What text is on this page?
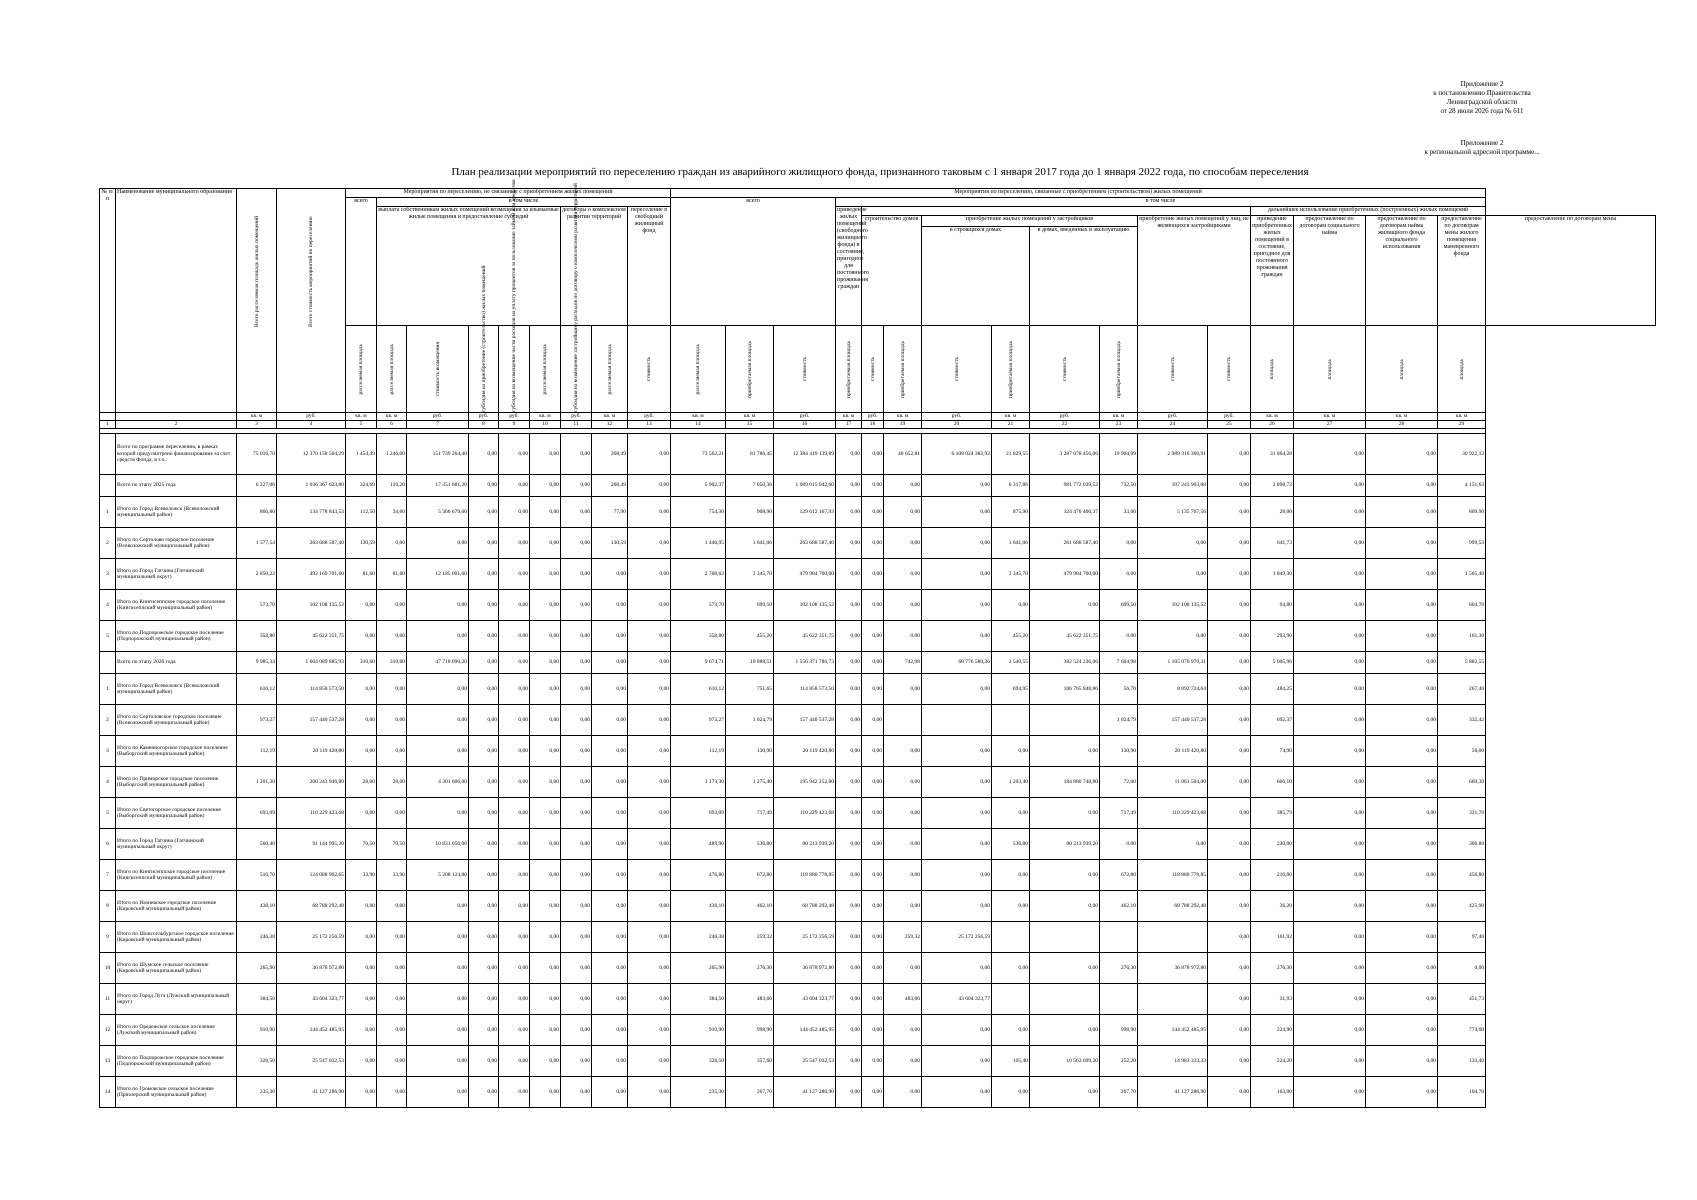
Приложение 2
к постановлению Правительства
Ленинградской области
от 28 июля 2026 года № 611
Приложение 2
к региональной адресной программе...
План реализации мероприятий по переселению граждан из аварийного жилищного фонда, признанного таковым с 1 января 2017 года до 1 января 2022 года, по способам переселения
№ п/п	Наименование муниципального образования	Всего расселяемая площадь жилых помещений	Всего стоимость мероприятий по переселению	Мероприятия по переселению, не связанные с приобретением жилых помещений									Мероприятия по переселению, связанные с приобретением (строительством) жилых помещений																
				всего	в том числе								всего			в том числе													
					выплата собственникам жилых помещений возмещения за изымаемые жилые помещения и предоставление субсидий					договоры о комплексном развитии территорий		переселение в свободный жилищный фонд				приведение жилых помещений (свободного жилищного фонда) в состояние, пригодное для постоянного проживания граждан									дальнейшее использование приобретенных (построенных) жилых помещений				
																	строительство домов		приобретение жилых помещений у застройщиков
в строящихся домах в домах, введенных в эксплуатацию				приобретение жилых помещений у лиц, не являющихся застройщиками		приведение приобретенных жилых помещений в состояние, пригодное для постоянного проживания граждан	предоставление по договорам социального найма	предоставление по договорам найма жилищного фонда социального использования	предоставление по договорам мены жилого помещения маневренного фонда	предоставление по договорам мены

				расселяемая площадь	расселяемая площадь	стоимость возмещения	субсидия на приобретение (строительство) жилых помещений	субсидия на возмещение части расходов на уплату процентов за пользование займом или кредитом	расселяемая площадь	субсидия на возмещение застройщику расходов по договору о комплексном развитии территорий	расселяемая площадь	стоимость	расселяемая площадь	приобретаемая площадь	стоимость	приобретаемая площадь	стоимость	приобретаемая площадь	стоимость	приобретаемая площадь	стоимость	приобретаемая площадь	стоимость	стоимость	площадь	площадь	площадь	площадь	

		кв. м	руб.	кв. м	кв. м	руб.	руб.	руб.	кв. м	руб.	кв. м	руб.	кв. м	кв. м	руб.	кв. м	руб.	кв. м	руб.	кв. м	руб.	кв. м	руб.	руб.	кв. м	кв. м	кв. м	кв. м	
1	2	3	4	5	6	7	8	9	10	11	12	13	14	15	16	17	18	19	20	21	22	23	24	25	26	27	28	29	

	Всего по программе переселения, в рамках которой предусмотрено финансирование за счет средств Фонда, в т.ч.:	75 016,70	12 370 158 504,29	1 454,49	1 246,00	151 739 264,40	0,00	0,00	0,00	0,00	208,49	0,00	73 562,21	81 786,45	12 384 419 139,89	0,00	0,00	40 052,81	6 108 024 382,92	21 829,55	3 287 078 456,06	19 904,09	2 989 316 300,91	0,00	31 864,28	0,00	0,00	30 922,12	
	Всего по этапу 2025 года	6 227,06	1 036 367 623,80	324,69	116,20	17 351 681,20	0,00	0,00	0,00	0,00	208,49	0,00	5 902,37	7 050,36	1 089 015 942,60	0,00	0,00	0,00	0,00	6 317,86	981 772 039,52	732,50	107 243 903,08	0,00	2 898,72	0,00	0,00	4 151,63	
1	Итого по Город Всеволожск (Всеволожский муниципальный район)	866,80	134 778 843,53	112,50	34,60	5 366 679,60	0,00	0,00	0,00	0,00	77,90	0,00	754,30	908,90	129 612 167,93	0,00	0,00	0,00	0,00	875,90	124 476 400,37	33,00	5 135 767,56	0,00	28,00	0,00	0,00	809,90	
2	Итого по Сертолово городское поселение (Всеволожский муниципальный район)	1 577,54	263 688 587,40	130,59	0,00	0,00	0,00	0,00	0,00	0,00	130,59	0,00	1 446,95	1 641,06	263 688 587,40	0,00	0,00	0,00	0,00	1 641,06	261 688 587,40	0,00	0,00	0,00	641,73	0,00	0,00	999,53	
3	Итого по Город Гатчина (Гатчинский муниципальный округ)	2 850,22	492 169 701,60	81,60	81,60	12 185 001,60	0,00	0,00	0,00	0,00	0,00	0,00	2 768,62	3 345,70	479 984 700,00	0,00	0,00	0,00	0,00	3 345,70	479 984 700,00	0,00	0,00	0,00	1 849,30	0,00	0,00	1 505,40	
4	Итого по Кингисеппское городское поселение (Кингисеппский муниципальный район)	573,70	102 108 135,52	0,00	0,00	0,00	0,00	0,00	0,00	0,00	0,00	0,00	573,70	699,50	102 108 135,52	0,00	0,00	0,00	0,00	0,00	0,00	699,50	102 108 135,52	0,00	94,80	0,00	0,00	604,70	
5	Итого по Подпорожское городское поселение (Подпорожский муниципальный район)	358,80	45 622 351,75	0,00	0,00	0,00	0,00	0,00	0,00	0,00	0,00	0,00	358,80	455,20	45 622 351,75	0,00	0,00	0,00	0,00	455,20	45 622 351,75	0,00	0,00	0,00	293,90	0,00	0,00	161,30	
	Всего по этапу 2026 года	9 985,34	1 604 089 885,93	310,60	310,60	47 718 090,20	0,00	0,00	0,00	0,00	0,00	0,00	9 674,71	10 888,51	1 556 371 786,73	0,00	0,00	742,98	68 776 580,36	2 540,55	382 524 236,06	7 604,98	1 105 070 970,31	0,00	5 005,96	0,00	0,00	5 882,55	
1	Итого по Город Всеволожск (Всеволожский муниципальный район)	610,12	114 858 573,50	0,00	0,00	0,00	0,00	0,00	0,00	0,00	0,00	0,00	610,12	751,65	114 858 573,50	0,00	0,00	0,00	0,00	694,95	106 765 848,86	56,70	8 092 724,64	0,00	484,25	0,00	0,00	267,40	
2	Итого по Сертоловское городское поселение (Всеволожский муниципальный район)	973,27	157 440 537,28	0,00	0,00	0,00	0,00	0,00	0,00	0,00	0,00	0,00	973,27	1 024,79	157 440 537,28	0,00	0,00					1 024,79	157 440 537,28	0,00	692,37	0,00	0,00	332,42	
3	Итого по Каменногорское городское поселение (Выборгский муниципальный район)	112,19	20 119 420,80	0,00	0,00	0,00	0,00	0,00	0,00	0,00	0,00	0,00	112,19	130,90	20 119 420,80	0,00	0,00	0,00	0,00	0,00	0,00	130,90	20 119 420,80	0,00	74,90	0,00	0,00	56,00	
4	Итого по Приморское городское поселение (Выборгский муниципальный район)	1 201,30	200 243 946,80	28,00	28,00	4 301 606,00	0,00	0,00	0,00	0,00	0,00	0,00	1 173,30	1 275,40	195 942 252,80	0,00	0,00	0,00	0,00	1 203,40	184 880 748,80	72,00	11 061 504,00	0,00	606,10	0,00	0,00	669,30	
5	Итого по Светогорское городское поселение (Выборгский муниципальный район)	693,09	110 229 423,68	0,00	0,00	0,00	0,00	0,00	0,00	0,00	0,00	0,00	693,09	717,49	110 229 423,68	0,00	0,00	0,00	0,00	0,00	0,00	717,49	110 229 423,68	0,00	385,79	0,00	0,00	331,70	
6	Итого по Город Гатчина (Гатчинский муниципальный округ)	560,40	91 144 995,20	70,50	70,50	10 831 056,00	0,00	0,00	0,00	0,00	0,00	0,00	489,90	536,80	80 313 939,20	0,00	0,00	0,00	0,00	536,80	80 313 939,20	0,00	0,00	0,00	230,00	0,00	0,00	306,80	
7	Итого по Кингисеппское городское поселение (Кингисеппский муниципальный район)	510,70	124 088 902,65	33,90	33,90	5 208 124,80	0,00	0,00	0,00	0,00	0,00	0,00	476,80	672,80	118 880 778,85	0,00	0,00	0,00	0,00	0,00	0,00	672,80	118 880 778,85	0,00	216,00	0,00	0,00	456,80	
8	Итого по Назиевское городское поселение (Кировский муниципальный район)	438,10	68 788 292,48	0,00	0,00	0,00	0,00	0,00	0,00	0,00	0,00	0,00	438,10	462,10	68 788 292,48	0,00	0,00	0,00	0,00	0,00	0,00	462,10	68 788 292,48	0,00	36,20	0,00	0,00	425,90	
9	Итого по Шлиссельбургское городское поселение (Кировский муниципальный район)	246,38	25 172 256,59	0,00	0,00	0,00	0,00	0,00	0,00	0,00	0,00	0,00	246,38	259,32	25 172 256,59	0,00	0,00	259,32	25 172 256,59					0,00	161,92	0,00	0,00	97,40	
10	Итого по Шумское сельское поселение (Кировский муниципальный район)	265,90	36 878 972,80	0,00	0,00	0,00	0,00	0,00	0,00	0,00	0,00	0,00	265,90	276,30	36 878 972,80	0,00	0,00	0,00	0,00	0,00	0,00	276,30	36 878 972,80	0,00	276,30	0,00	0,00	0,00	
11	Итого по Город Луга (Лужский муниципальный округ)	384,50	43 604 323,77	0,00	0,00	0,00	0,00	0,00	0,00	0,00	0,00	0,00	384,50	483,66	43 604 323,77	0,00	0,00	483,66	43 604 323,77					0,00	31,93	0,00	0,00	451,73	
12	Итого по Оредежское сельское поселение (Лужский муниципальный район)	910,90	144 452 485,95	0,00	0,00	0,00	0,00	0,00	0,00	0,00	0,00	0,00	910,90	998,90	144 452 485,95	0,00	0,00	0,00	0,00	0,00	0,00	998,90	144 452 485,95	0,00	224,90	0,00	0,00	774,00	
13	Итого по Подпорожское городское поселение (Подпорожский муниципальный район)	328,50	25 547 032,53	0,00	0,00	0,00	0,00	0,00	0,00	0,00	0,00	0,00	328,50	357,60	25 547 032,53	0,00	0,00	0,00	0,00	105,40	10 563 699,20	252,20	14 983 333,33	0,00	224,20	0,00	0,00	133,40	
14	Итого по Громовское сельское поселение (Приозерский муниципальный район)	235,30	41 127 286,90	0,00	0,00	0,00	0,00	0,00	0,00	0,00	0,00	0,00	235,30	267,70	41 127 286,90	0,00	0,00	0,00	0,00	0,00	0,00	267,70	41 127 286,90	0,00	163,00	0,00	0,00	104,70	
